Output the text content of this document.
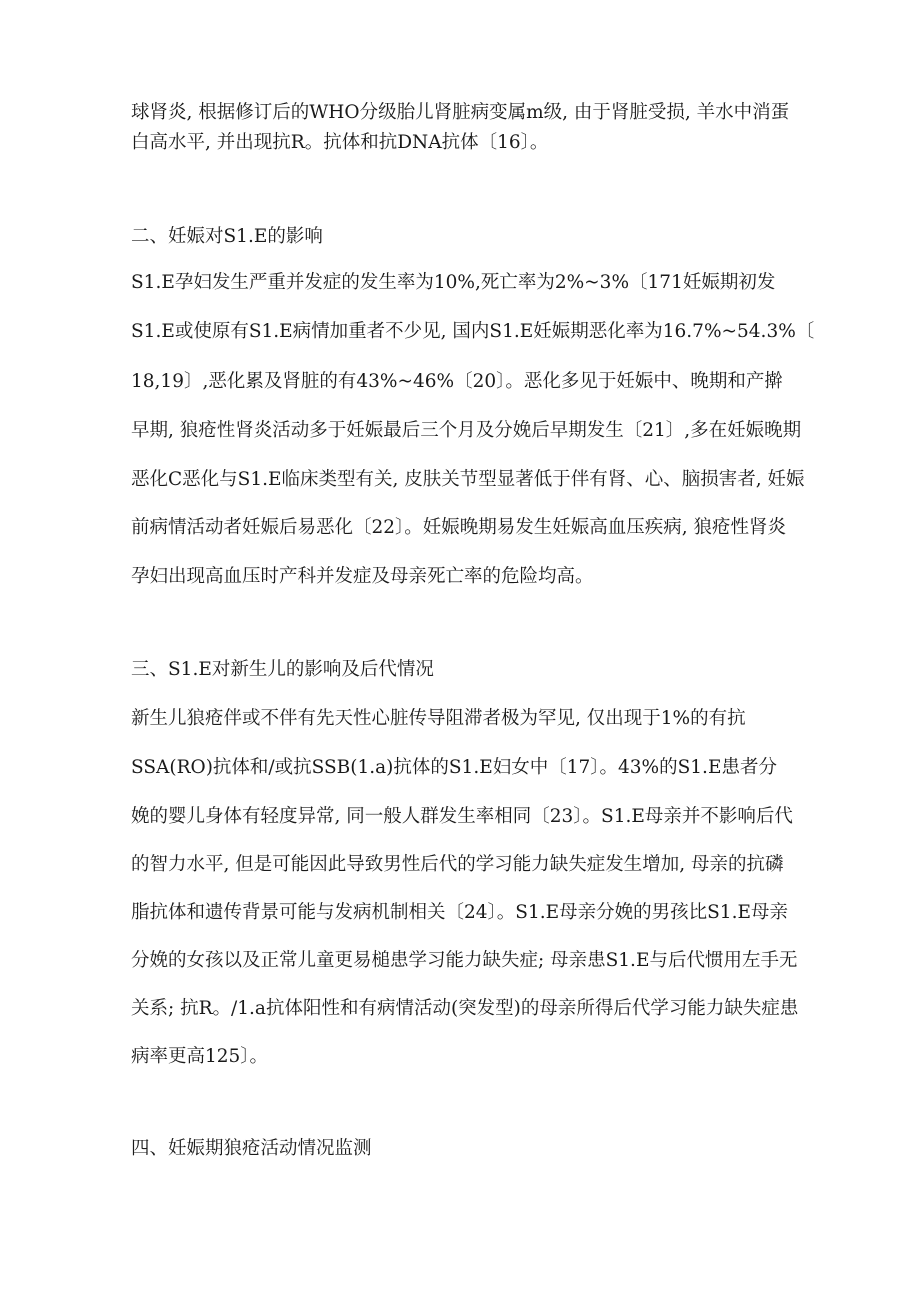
球肾炎, 根据修订后的WHO分级胎儿肾脏病变属m级, 由于肾脏受损, 羊水中消蛋
白高水平, 并出现抗R。抗体和抗DNA抗体〔16〕。
二、妊娠对S1.E的影响
S1.E孕妇发生严重并发症的发生率为10%,死亡率为2%~3%〔171妊娠期初发
S1.E或使原有S1.E病情加重者不少见, 国内S1.E妊娠期恶化率为16.7%~54.3%〔
18,19〕,恶化累及肾脏的有43%~46%〔20〕。恶化多见于妊娠中、晚期和产擀
早期, 狼疮性肾炎活动多于妊娠最后三个月及分娩后早期发生〔21〕,多在妊娠晚期
恶化C恶化与S1.E临床类型有关, 皮肤关节型显著低于伴有肾、心、脑损害者, 妊娠
前病情活动者妊娠后易恶化〔22〕。妊娠晚期易发生妊娠高血压疾病, 狼疮性肾炎
孕妇出现高血压时产科并发症及母亲死亡率的危险均高。
三、S1.E对新生儿的影响及后代情况
新生儿狼疮伴或不伴有先天性心脏传导阻滞者极为罕见, 仅出现于1%的有抗
SSA(RO)抗体和/或抗SSB(1.a)抗体的S1.E妇女中〔17〕。43%的S1.E患者分
娩的婴儿身体有轻度异常, 同一般人群发生率相同〔23〕。S1.E母亲并不影响后代
的智力水平, 但是可能因此导致男性后代的学习能力缺失症发生增加, 母亲的抗磷
脂抗体和遗传背景可能与发病机制相关〔24〕。S1.E母亲分娩的男孩比S1.E母亲
分娩的女孩以及正常儿童更易槌患学习能力缺失症; 母亲患S1.E与后代惯用左手无
关系; 抗R。/1.a抗体阳性和有病情活动(突发型)的母亲所得后代学习能力缺失症患
病率更高125〕。
四、妊娠期狼疮活动情况监测
